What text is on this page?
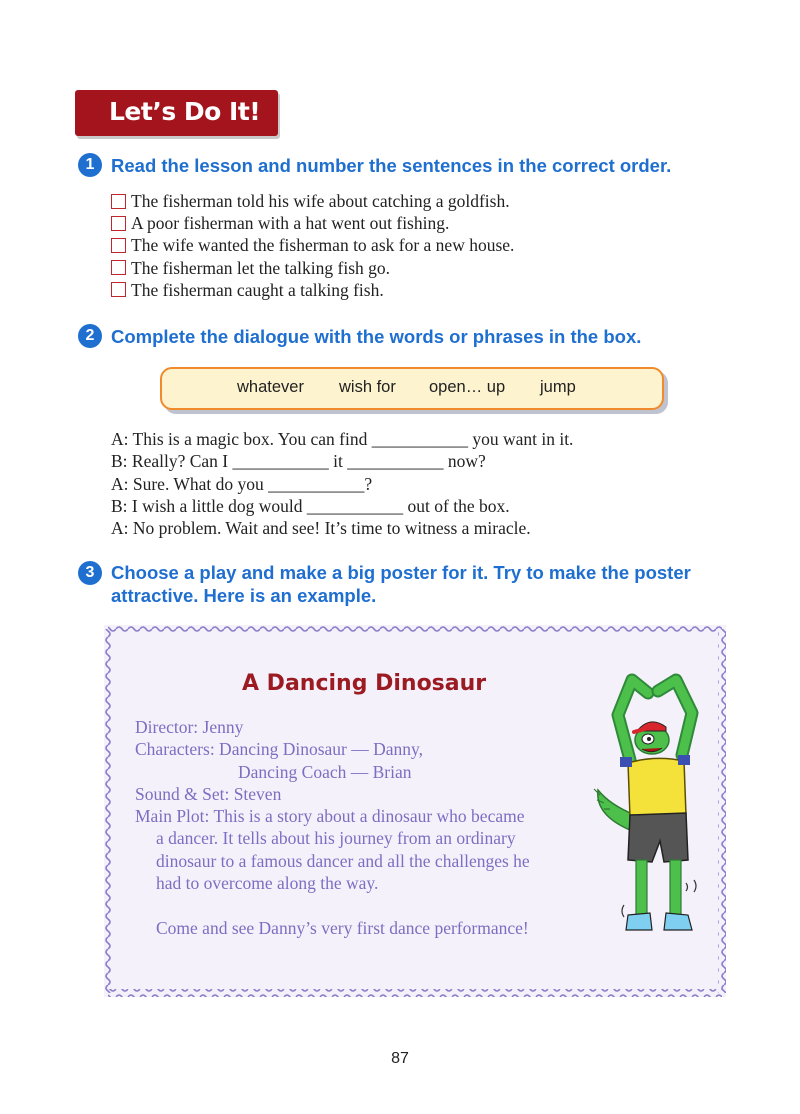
Let’s Do It!
1 Read the lesson and number the sentences in the correct order.
The fisherman told his wife about catching a goldfish.
A poor fisherman with a hat went out fishing.
The wife wanted the fisherman to ask for a new house.
The fisherman let the talking fish go.
The fisherman caught a talking fish.
2 Complete the dialogue with the words or phrases in the box.
whatever wish for open… up jump
A: This is a magic box. You can find ___________ you want in it.
B: Really? Can I ___________ it ___________ now?
A: Sure. What do you ___________?
B: I wish a little dog would ___________ out of the box.
A: No problem. Wait and see! It’s time to witness a miracle.
3 Choose a play and make a big poster for it. Try to make the poster
attractive. Here is an example.
A Dancing Dinosaur
Director: Jenny
Characters: Dancing Dinosaur — Danny,
Dancing Coach — Brian
Sound & Set: Steven
Main Plot: This is a story about a dinosaur who became
a dancer. It tells about his journey from an ordinary
dinosaur to a famous dancer and all the challenges he
had to overcome along the way.
Come and see Danny’s very first dance performance!
87
